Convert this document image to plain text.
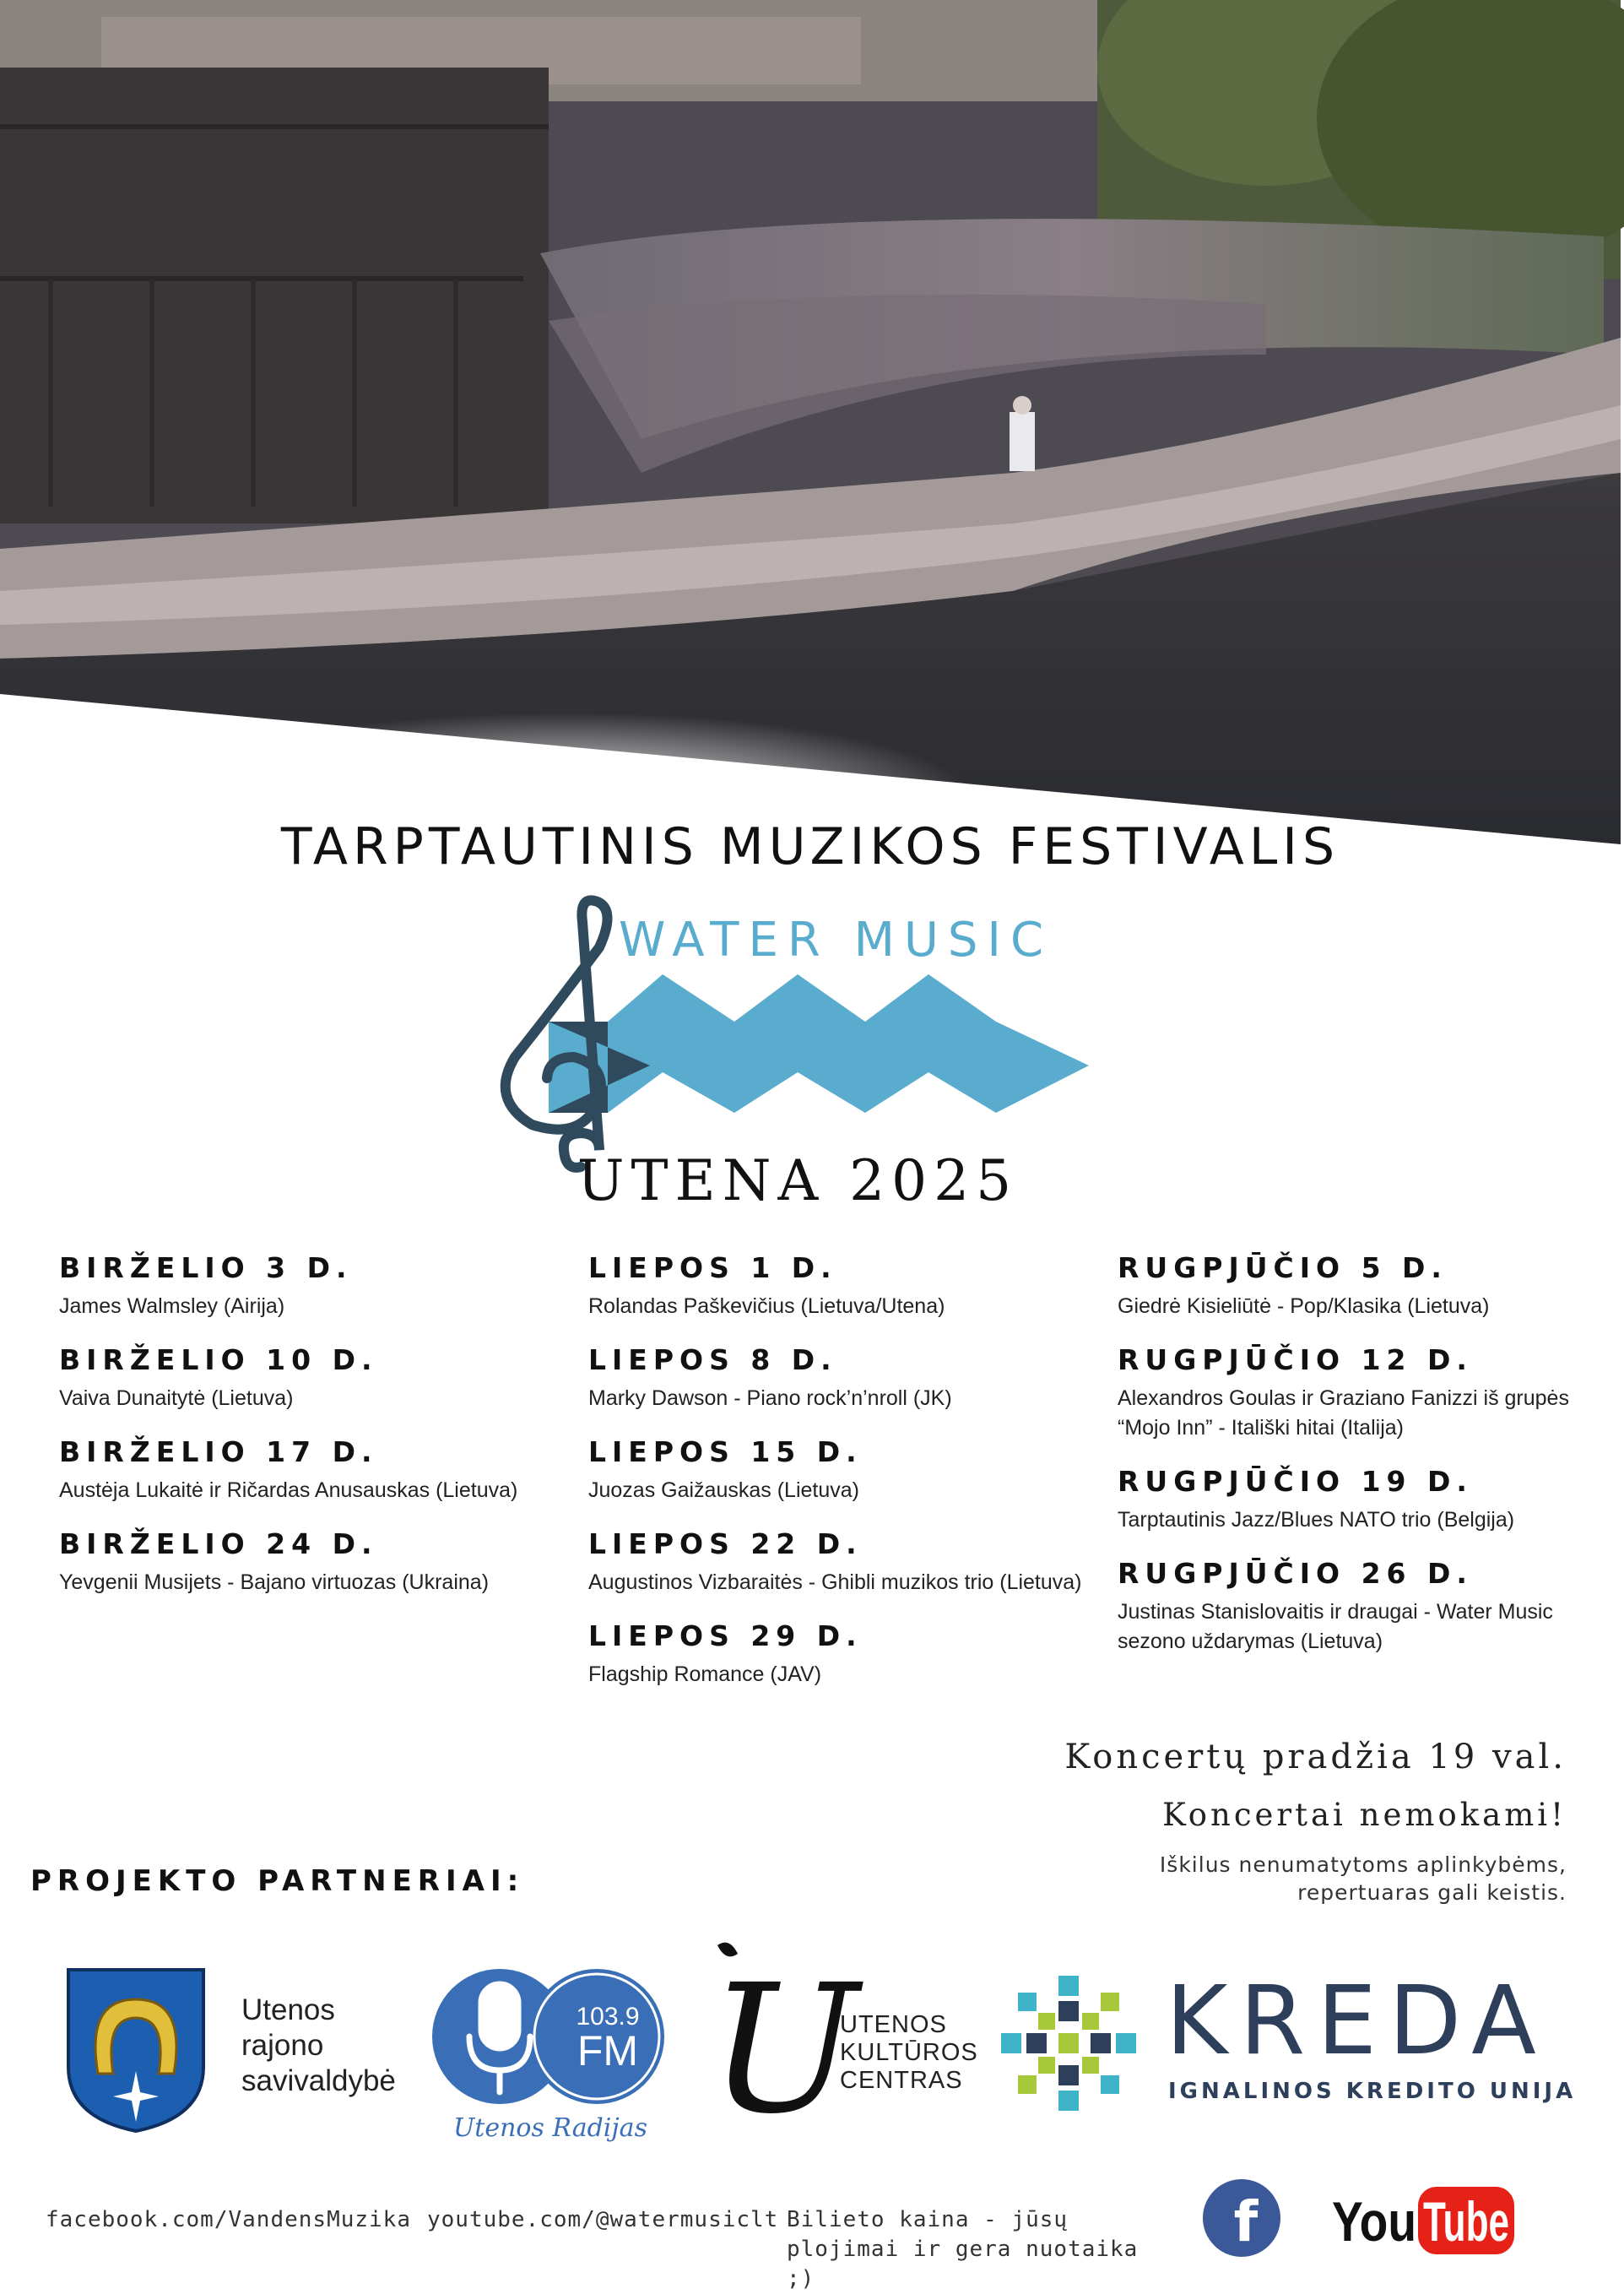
TARPTAUTINIS MUZIKOS FESTIVALIS
WATER MUSIC
UTENA 2025
BIRŽELIO 3 D.
James Walmsley (Airija)
BIRŽELIO 10 D.
Vaiva Dunaitytė (Lietuva)
BIRŽELIO 17 D.
Austėja Lukaitė ir Ričardas Anusauskas (Lietuva)
BIRŽELIO 24 D.
Yevgenii Musijets - Bajano virtuozas (Ukraina)
LIEPOS 1 D.
Rolandas Paškevičius (Lietuva/Utena)
LIEPOS 8 D.
Marky Dawson - Piano rock’n’nroll (JK)
LIEPOS 15 D.
Juozas Gaižauskas (Lietuva)
LIEPOS 22 D.
Augustinos Vizbaraitės - Ghibli muzikos trio (Lietuva)
LIEPOS 29 D.
Flagship Romance (JAV)
RUGPJŪČIO 5 D.
Giedrė Kisieliūtė - Pop/Klasika (Lietuva)
RUGPJŪČIO 12 D.
Alexandros Goulas ir Graziano Fanizzi iš grupės “Mojo Inn” - Itališki hitai (Italija)
RUGPJŪČIO 19 D.
Tarptautinis Jazz/Blues NATO trio (Belgija)
RUGPJŪČIO 26 D.
Justinas Stanislovaitis ir draugai - Water Music sezono uždarymas (Lietuva)
Koncertų pradžia 19 val.
Koncertai nemokami!
Iškilus nenumatytoms aplinkybėms, repertuaras gali keistis.
PROJEKTO PARTNERIAI:
Utenos
rajono
savivaldybė
103.9
FM
Utenos Radijas U
UTENOS
KULTŪROS
CENTRAS
KREDA
IGNALINOS KREDITO UNIJA
facebook.com/VandensMuzika youtube.com/@watermusiclt Bilieto kaina - jūsų plojimai ir gera nuotaika ;)
f You Tube
